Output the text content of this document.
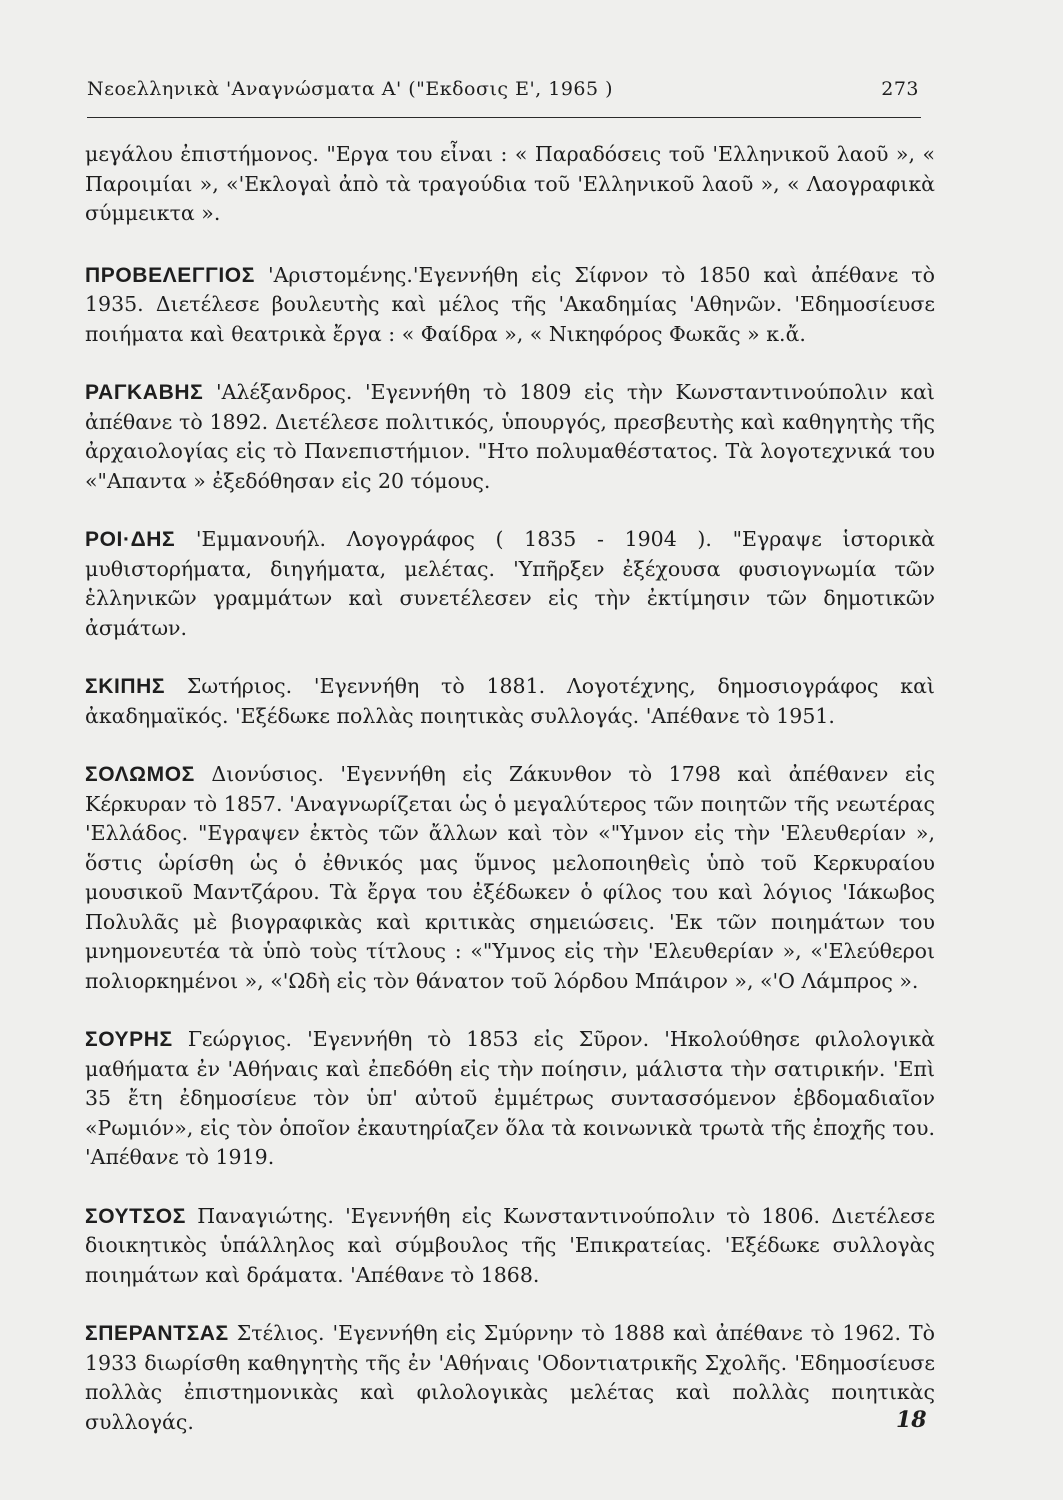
Νεοελληνικὰ 'Αναγνώσματα Α' ("Εκδοσις Ε', 1965 )	273

μεγάλου ἐπιστήμονος. "Εργα του εἶναι : « Παραδόσεις τοῦ 'Ελληνικοῦ λαοῦ », « Παροιμίαι », «'Εκλογαὶ ἀπὸ τὰ τραγούδια τοῦ 'Ελληνικοῦ λαοῦ », « Λαογραφικὰ σύμμεικτα ».

ΠΡΟΒΕΛΕΓΓΙΟΣ 'Αριστομένης.'Εγεννήθη εἰς Σίφνον τὸ 1850 καὶ ἀπέθανε τὸ 1935. Διετέλεσε βουλευτὴς καὶ μέλος τῆς 'Ακαδημίας 'Αθηνῶν. 'Εδημοσίευσε ποιήματα καὶ θεατρικὰ ἔργα : « Φαίδρα », « Νικηφόρος Φωκᾶς » κ.ἄ.

ΡΑΓΚΑΒΗΣ 'Αλέξανδρος. 'Εγεννήθη τὸ 1809 εἰς τὴν Κωνσταντινούπολιν καὶ ἀπέθανε τὸ 1892. Διετέλεσε πολιτικός, ὑπουργός, πρεσβευτὴς καὶ καθηγητὴς τῆς ἀρχαιολογίας εἰς τὸ Πανεπιστήμιον. "Ητο πολυμαθέστατος. Τὰ λογοτεχνικά του «"Απαντα » ἐξεδόθησαν εἰς 20 τόμους.

ΡΟΙ·ΔΗΣ 'Εμμανουήλ. Λογογράφος ( 1835 - 1904 ). "Εγραψε ἱστορικὰ μυθιστορήματα, διηγήματα, μελέτας. 'Υπῆρξεν ἐξέχουσα φυσιογνωμία τῶν ἑλληνικῶν γραμμάτων καὶ συνετέλεσεν εἰς τὴν ἐκτίμησιν τῶν δημοτικῶν ἀσμάτων.

ΣΚΙΠΗΣ Σωτήριος. 'Εγεννήθη τὸ 1881. Λογοτέχνης, δημοσιογράφος καὶ ἀκαδημαϊκός. 'Εξέδωκε πολλὰς ποιητικὰς συλλογάς. 'Απέθανε τὸ 1951.

ΣΟΛΩΜΟΣ Διονύσιος. 'Εγεννήθη εἰς Ζάκυνθον τὸ 1798 καὶ ἀπέθανεν εἰς Κέρκυραν τὸ 1857. 'Αναγνωρίζεται ὡς ὁ μεγαλύτερος τῶν ποιητῶν τῆς νεωτέρας 'Ελλάδος. "Εγραψεν ἐκτὸς τῶν ἄλλων καὶ τὸν «"Υμνον εἰς τὴν 'Ελευθερίαν », ὅστις ὡρίσθη ὡς ὁ ἐθνικός μας ὕμνος μελοποιηθεὶς ὑπὸ τοῦ Κερκυραίου μουσικοῦ Μαντζάρου. Τὰ ἔργα του ἐξέδωκεν ὁ φίλος του καὶ λόγιος 'Ιάκωβος Πολυλᾶς μὲ βιογραφικὰς καὶ κριτικὰς σημειώσεις. 'Εκ τῶν ποιημάτων του μνημονευτέα τὰ ὑπὸ τοὺς τίτλους : «"Υμνος εἰς τὴν 'Ελευθερίαν », «'Ελεύθεροι πολιορκημένοι », «'Ωδὴ εἰς τὸν θάνατον τοῦ λόρδου Μπάιρον », «'Ο Λάμπρος ».

ΣΟΥΡΗΣ Γεώργιος. 'Εγεννήθη τὸ 1853 εἰς Σῦρον. 'Ηκολούθησε φιλολογικὰ μαθήματα ἐν 'Αθήναις καὶ ἐπεδόθη εἰς τὴν ποίησιν, μάλιστα τὴν σατιρικήν. 'Επὶ 35 ἔτη ἐδημοσίευε τὸν ὑπ' αὐτοῦ ἐμμέτρως συντασσόμενον ἑβδομαδιαῖον «Ρωμιόν», εἰς τὸν ὁποῖον ἐκαυτηρίαζεν ὅλα τὰ κοινωνικὰ τρωτὰ τῆς ἐποχῆς του. 'Απέθανε τὸ 1919.

ΣΟΥΤΣΟΣ Παναγιώτης. 'Εγεννήθη εἰς Κωνσταντινούπολιν τὸ 1806. Διετέλεσε διοικητικὸς ὑπάλληλος καὶ σύμβουλος τῆς 'Επικρατείας. 'Εξέδωκε συλλογὰς ποιημάτων καὶ δράματα. 'Απέθανε τὸ 1868.

ΣΠΕΡΑΝΤΣΑΣ Στέλιος. 'Εγεννήθη εἰς Σμύρνην τὸ 1888 καὶ ἀπέθανε τὸ 1962. Τὸ 1933 διωρίσθη καθηγητὴς τῆς ἐν 'Αθήναις 'Οδοντιατρικῆς Σχολῆς. 'Εδημοσίευσε πολλὰς ἐπιστημονικὰς καὶ φιλολογικὰς μελέτας καὶ πολλὰς ποιητικὰς συλλογάς.	18
